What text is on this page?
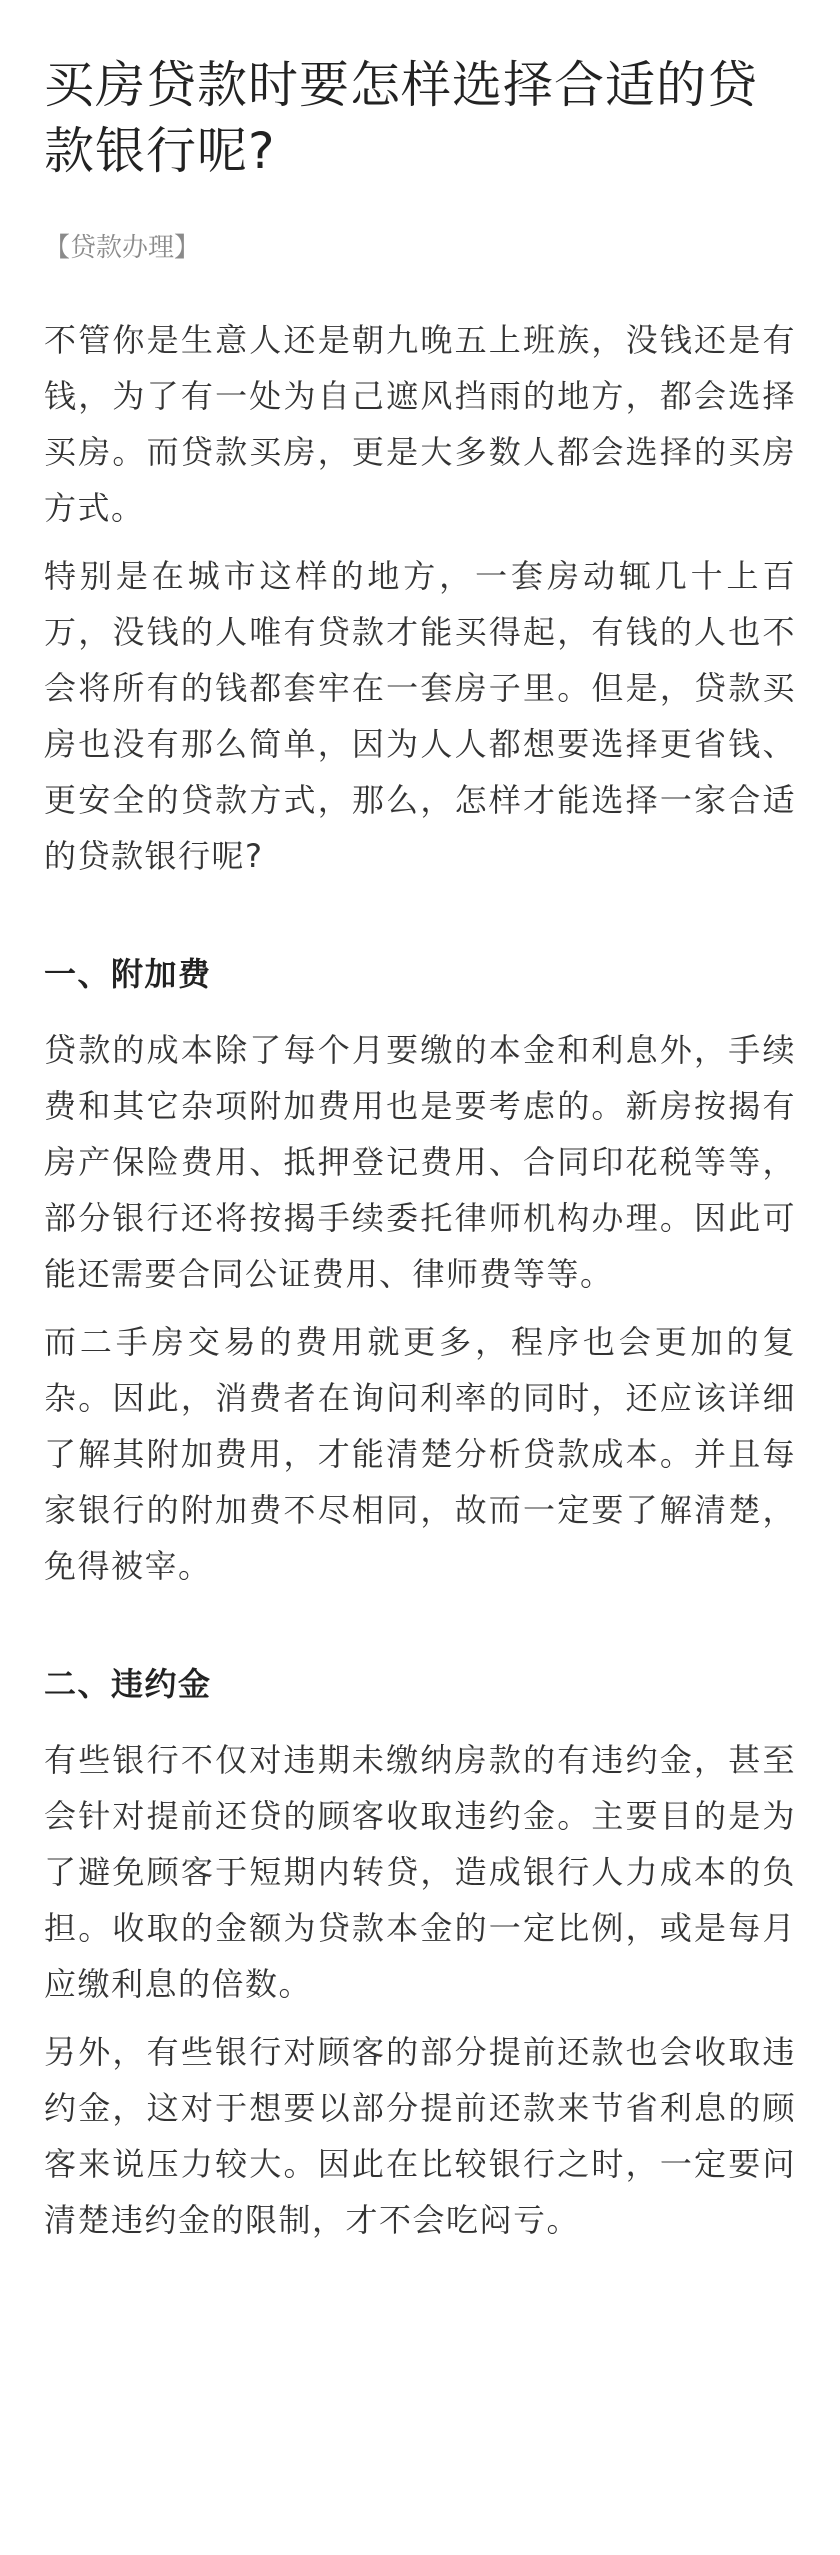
买房贷款时要怎样选择合适的贷款银行呢?
【贷款办理】

不管你是生意人还是朝九晚五上班族，没钱还是有钱，为了有一处为自己遮风挡雨的地方，都会选择买房。而贷款买房，更是大多数人都会选择的买房方式。

特别是在城市这样的地方，一套房动辄几十上百万，没钱的人唯有贷款才能买得起，有钱的人也不会将所有的钱都套牢在一套房子里。但是，贷款买房也没有那么简单，因为人人都想要选择更省钱、更安全的贷款方式，那么，怎样才能选择一家合适的贷款银行呢?

一、附加费

贷款的成本除了每个月要缴的本金和利息外，手续费和其它杂项附加费用也是要考虑的。新房按揭有房产保险费用、抵押登记费用、合同印花税等等，部分银行还将按揭手续委托律师机构办理。因此可能还需要合同公证费用、律师费等等。

而二手房交易的费用就更多，程序也会更加的复杂。因此，消费者在询问利率的同时，还应该详细了解其附加费用，才能清楚分析贷款成本。并且每家银行的附加费不尽相同，故而一定要了解清楚，免得被宰。

二、违约金

有些银行不仅对违期未缴纳房款的有违约金，甚至会针对提前还贷的顾客收取违约金。主要目的是为了避免顾客于短期内转贷，造成银行人力成本的负担。收取的金额为贷款本金的一定比例，或是每月应缴利息的倍数。

另外，有些银行对顾客的部分提前还款也会收取违约金，这对于想要以部分提前还款来节省利息的顾客来说压力较大。因此在比较银行之时，一定要问清楚违约金的限制，才不会吃闷亏。
